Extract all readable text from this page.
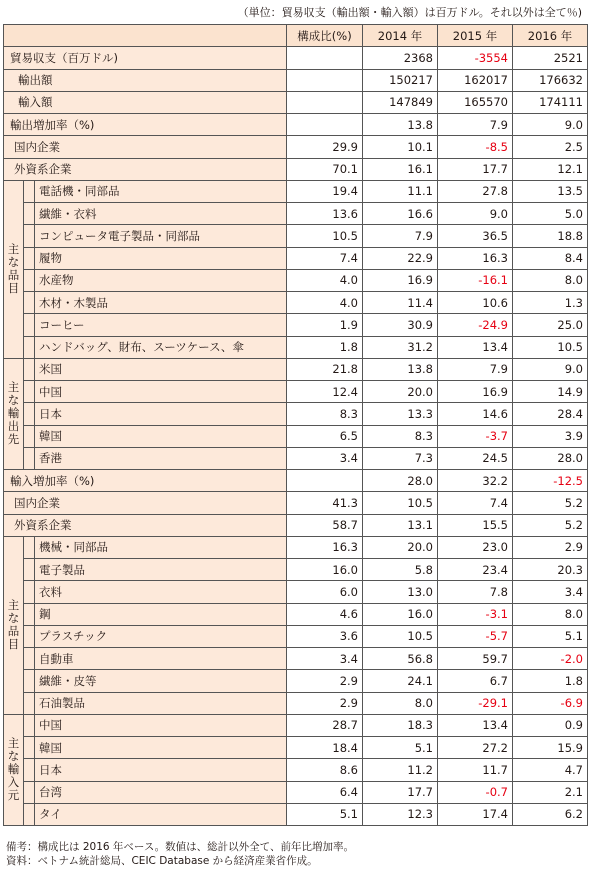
（単位：貿易収支（輸出額・輸入額）は百万ドル。それ以外は全て％)
			構成比(%)	2014 年	2015 年	2016 年
貿易収支（百万ドル)				2368	-3554	2521
輸出額				150217	162017	176632
輸入額				147849	165570	174111
輸出増加率（%)				13.8	7.9	9.0
国内企業			29.9	10.1	-8.5	2.5
外資系企業			70.1	16.1	17.7	12.1
主な品目		電話機・同部品	19.4	11.1	27.8	13.5
		繊維・衣料	13.6	16.6	9.0	5.0
		コンピュータ電子製品・同部品	10.5	7.9	36.5	18.8
		履物	7.4	22.9	16.3	8.4
		水産物	4.0	16.9	-16.1	8.0
		木材・木製品	4.0	11.4	10.6	1.3
		コーヒー	1.9	30.9	-24.9	25.0
		ハンドバッグ、財布、スーツケース、傘	1.8	31.2	13.4	10.5
主な輸出先		米国	21.8	13.8	7.9	9.0
		中国	12.4	20.0	16.9	14.9
		日本	8.3	13.3	14.6	28.4
		韓国	6.5	8.3	-3.7	3.9
		香港	3.4	7.3	24.5	28.0
輸入増加率（%)				28.0	32.2	-12.5
国内企業			41.3	10.5	7.4	5.2
外資系企業			58.7	13.1	15.5	5.2
主な品目		機械・同部品	16.3	20.0	23.0	2.9
		電子製品	16.0	5.8	23.4	20.3
		衣料	6.0	13.0	7.8	3.4
		鋼	4.6	16.0	-3.1	8.0
		プラスチック	3.6	10.5	-5.7	5.1
		自動車	3.4	56.8	59.7	-2.0
		繊維・皮等	2.9	24.1	6.7	1.8
		石油製品	2.9	8.0	-29.1	-6.9
主な輸入元		中国	28.7	18.3	13.4	0.9
		韓国	18.4	5.1	27.2	15.9
		日本	8.6	11.2	11.7	4.7
		台湾	6.4	17.7	-0.7	2.1
		タイ	5.1	12.3	17.4	6.2
備考：構成比は 2016 年ベース。数値は、総計以外全て、前年比増加率。
資料：ベトナム統計総局、CEIC Database から経済産業省作成。
